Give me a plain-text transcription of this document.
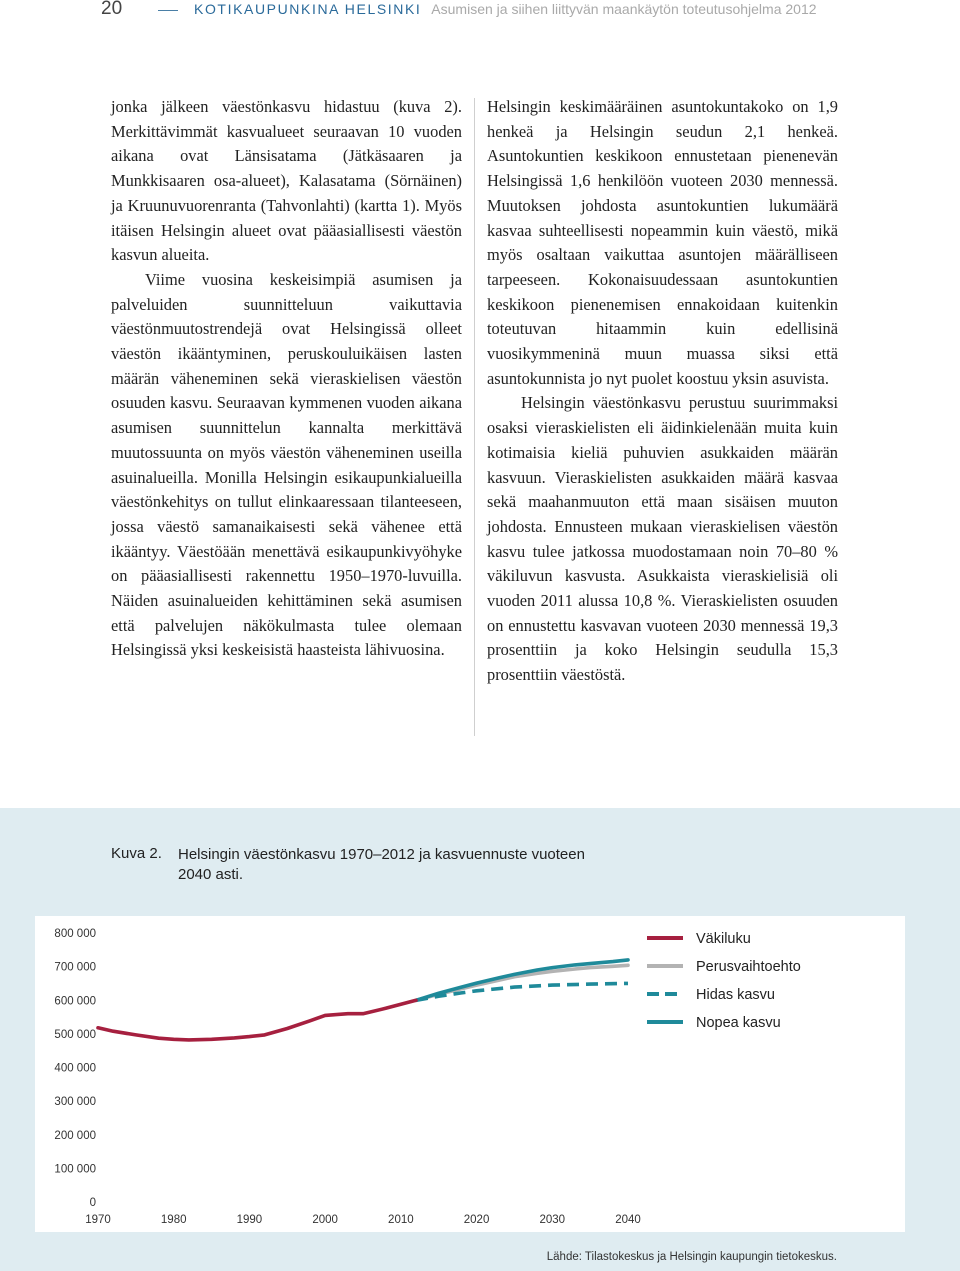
20	KOTIKAUPUNKINA HELSINKI Asumisen ja siihen liittyvän maankäytön toteutusohjelma 2012

jonka jälkeen väestönkasvu hidastuu (kuva 2). Merkittävimmät kasvualueet seuraavan 10 vuoden aikana ovat Länsisatama (Jätkäsaaren ja Munkkisaaren osa-alueet), Kalasatama (Sörnäinen) ja Kruunuvuorenranta (Tahvonlahti) (kartta 1). Myös itäisen Helsingin alueet ovat pääasiallisesti väestön kasvun alueita.

Viime vuosina keskeisimpiä asumisen ja palveluiden suunnitteluun vaikuttavia väestönmuutostrendejä ovat Helsingissä olleet väestön ikääntyminen, peruskouluikäisen lasten määrän väheneminen sekä vieraskielisen väestön osuuden kasvu. Seuraavan kymmenen vuoden aikana asumisen suunnittelun kannalta merkittävä muutossuunta on myös väestön väheneminen useilla asuinalueilla. Monilla Helsingin esikaupunkialueilla väestönkehitys on tullut elinkaaressaan tilanteeseen, jossa väestö samanaikaisesti sekä vähenee että ikääntyy. Väestöään menettävä esikaupunkivyöhyke on pääasiallisesti rakennettu 1950–1970-luvuilla. Näiden asuinalueiden kehittäminen sekä asumisen että palvelujen näkökulmasta tulee olemaan Helsingissä yksi keskeisistä haasteista lähivuosina.

Helsingin keskimääräinen asuntokuntakoko on 1,9 henkeä ja Helsingin seudun 2,1 henkeä. Asuntokuntien keskikoon ennustetaan pienenevän Helsingissä 1,6 henkilöön vuoteen 2030 mennessä. Muutoksen johdosta asuntokuntien lukumäärä kasvaa suhteellisesti nopeammin kuin väestö, mikä myös osaltaan vaikuttaa asuntojen määrälliseen tarpeeseen. Kokonaisuudessaan asuntokuntien keskikoon pienenemisen ennakoidaan kuitenkin toteutuvan hitaammin kuin edellisinä vuosikymmeninä muun muassa siksi että asuntokunnista jo nyt puolet koostuu yksin asuvista.

Helsingin väestönkasvu perustuu suurimmaksi osaksi vieraskielisten eli äidinkielenään muita kuin kotimaisia kieliä puhuvien asukkaiden määrän kasvuun. Vieraskielisten asukkaiden määrä kasvaa sekä maahanmuuton että maan sisäisen muuton johdosta. Ennusteen mukaan vieraskielisen väestön kasvu tulee jatkossa muodostamaan noin 70–80 % väkiluvun kasvusta. Asukkaista vieraskielisiä oli vuoden 2011 alussa 10,8 %. Vieraskielisten osuuden on ennustettu kasvavan vuoteen 2030 mennessä 19,3 prosenttiin ja koko Helsingin seudulla 15,3 prosenttiin väestöstä.

Kuva 2. Helsingin väestönkasvu 1970–2012 ja kasvuennuste vuoteen 2040 asti.
0
100 000
200 000
300 000
400 000
500 000
600 000
700 000
800 000
1970	1980	1990	2000	2010	2020	2030	2040
Väkiluku
Perusvaihtoehto
Hidas kasvu
Nopea kasvu
Lähde: Tilastokeskus ja Helsingin kaupungin tietokeskus.
